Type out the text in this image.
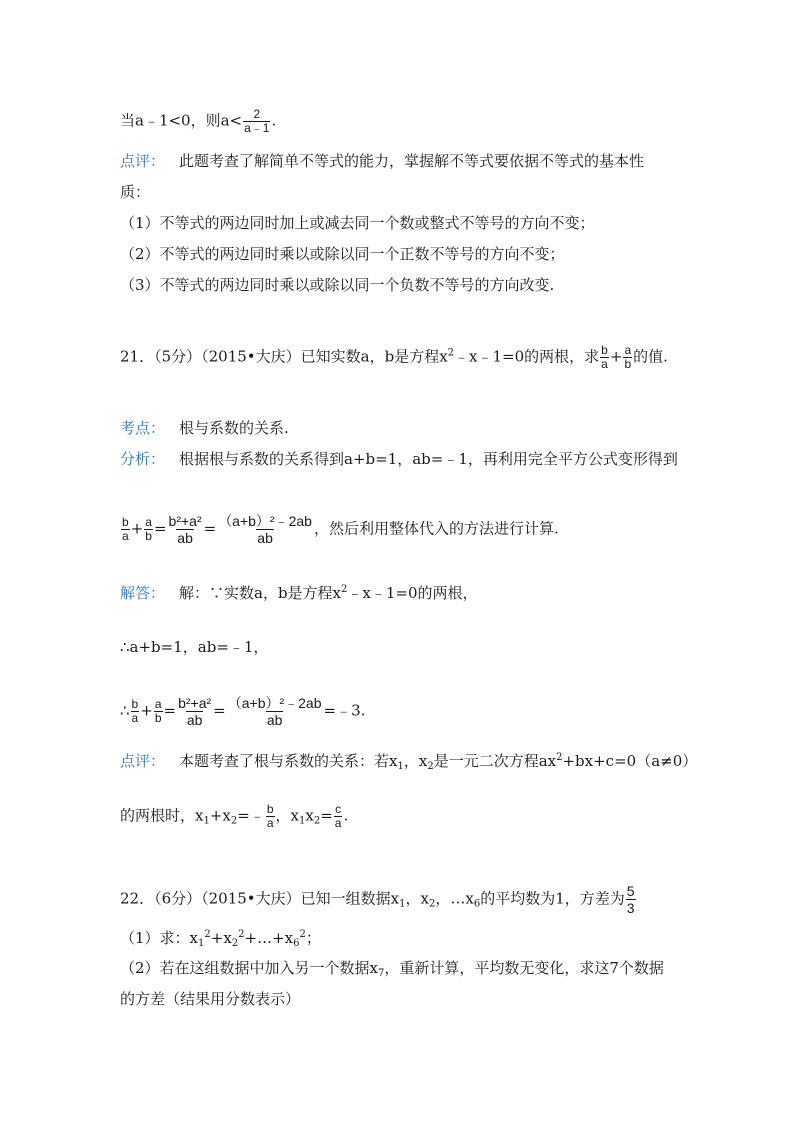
当a﹣1<0，则$a< \frac{2}{a﹣1}$ .
点评： 此题考查了解简单不等式的能力，掌握解不等式要依据不等式的基本性
质：
（1）不等式的两边同时加上或减去同一个数或整式不等号的方向不变；
（2）不等式的两边同时乘以或除以同一个正数不等号的方向不变；
（3）不等式的两边同时乘以或除以同一个负数不等号的方向改变.
21．（5分）（2015•大庆）已知实数a，b是方程$x^2﹣x﹣1=0$的两根，求 $\frac{b}{a} + \frac{a}{b}$ 的值.
考点： 根与系数的关系.
分析： 根据根与系数的关系得到a+b=1，ab=﹣1，再利用完全平方公式变形得到
$\frac{b}{a} + \frac{a}{b} = \frac{\text{b²+a²}}{ab} = \frac{\text{（a+b）²﹣2ab}}{ab}$ ，然后利用整体代入的方法进行计算.
解答： 解：∵实数a，b是方程$x^2﹣x﹣1=0$的两根，
∴a+b=1，ab=﹣1，
∴ $\frac{b}{a} + \frac{a}{b} = \frac{\text{b²+a²}}{ab} = \frac{\text{（a+b）²﹣2ab}}{ab}$ =﹣3.
点评： 本题考查了根与系数的关系：若$x_1$，$x_2$是一元二次方程$ax^2+bx+c=0(a\ne 0)$
的两根时，$x_1+x_2=﹣ \frac{b}{a}$ ，$x_1x_2= \frac{c}{a}$ .
22．（6分）（2015•大庆）已知一组数据$x_1$，$x_2$，$\dots x_6$的平均数为1，方差为 $\frac{5}{3}$
（1）求：$x_1^2+x_2^2+\dots+x_6^2$；
（2）若在这组数据中加入另一个数据$x_7$，重新计算，平均数无变化，求这7个数据
的方差（结果用分数表示）
